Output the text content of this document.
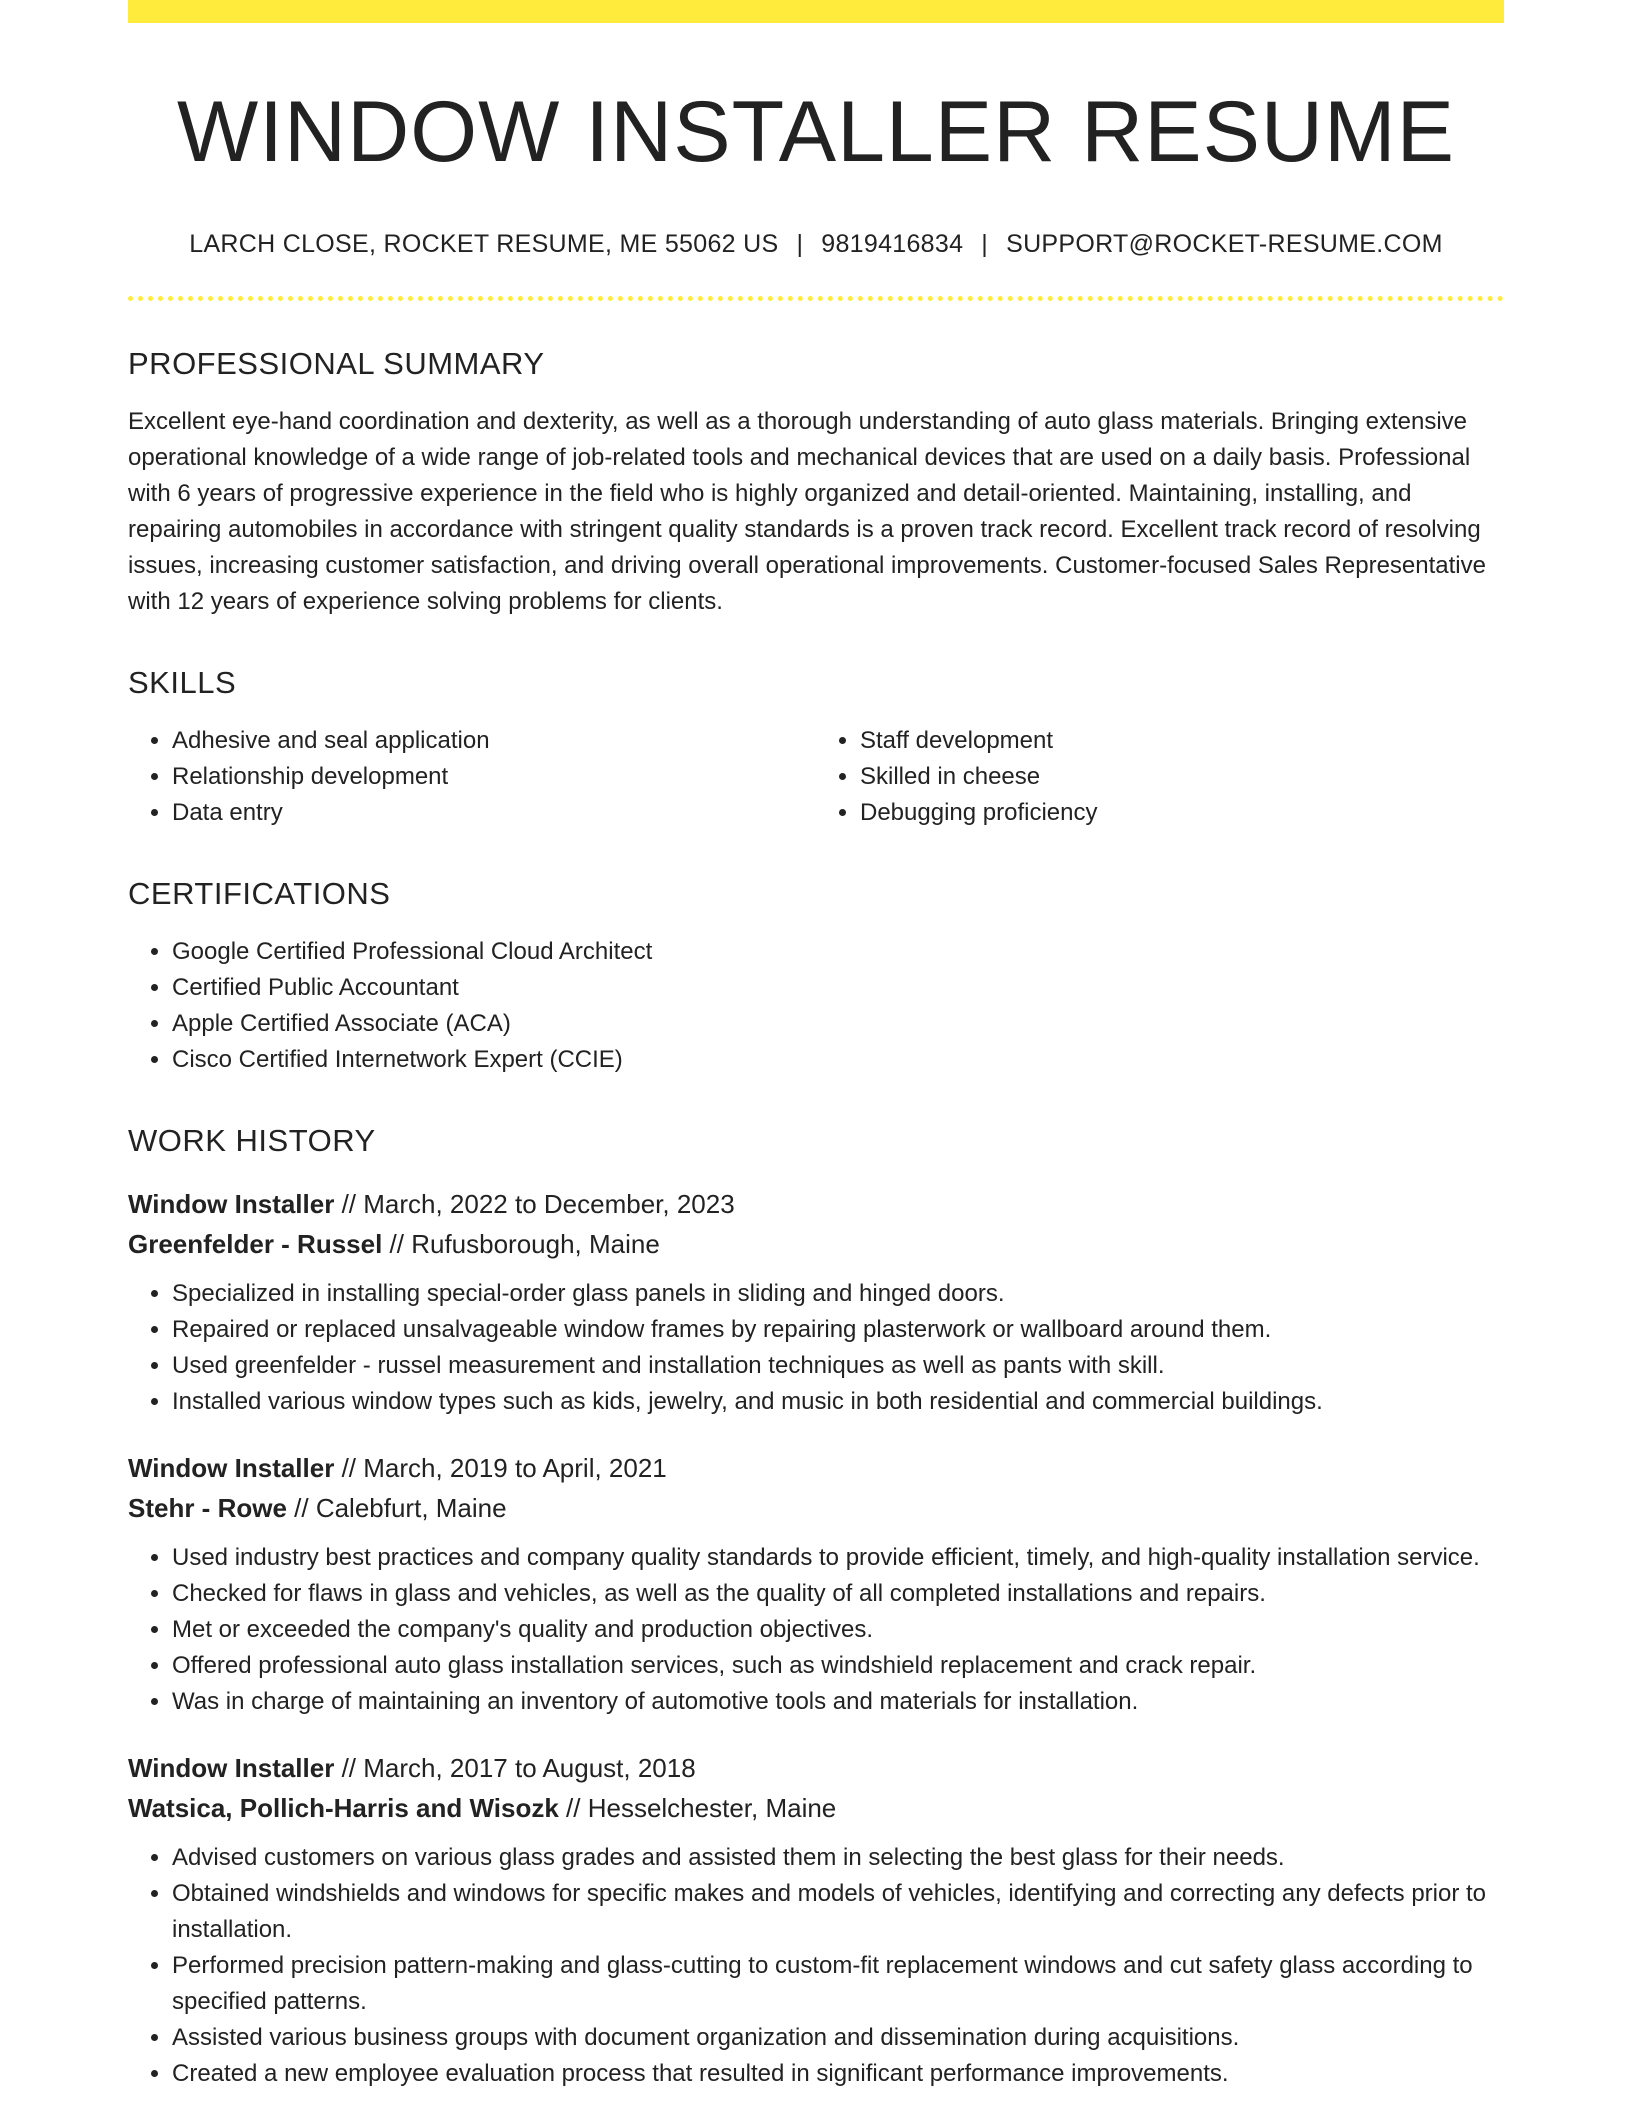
WINDOW INSTALLER RESUME
LARCH CLOSE, ROCKET RESUME, ME 55062 US | 9819416834 | SUPPORT@ROCKET-RESUME.COM
PROFESSIONAL SUMMARY
Excellent eye-hand coordination and dexterity, as well as a thorough understanding of auto glass materials. Bringing extensive operational knowledge of a wide range of job-related tools and mechanical devices that are used on a daily basis. Professional with 6 years of progressive experience in the field who is highly organized and detail-oriented. Maintaining, installing, and repairing automobiles in accordance with stringent quality standards is a proven track record. Excellent track record of resolving issues, increasing customer satisfaction, and driving overall operational improvements. Customer-focused Sales Representative with 12 years of experience solving problems for clients.
SKILLS
• Adhesive and seal application
• Relationship development
• Data entry
• Staff development
• Skilled in cheese
• Debugging proficiency
CERTIFICATIONS
• Google Certified Professional Cloud Architect
• Certified Public Accountant
• Apple Certified Associate (ACA)
• Cisco Certified Internetwork Expert (CCIE)
WORK HISTORY
Window Installer // March, 2022 to December, 2023
Greenfelder - Russel // Rufusborough, Maine
• Specialized in installing special-order glass panels in sliding and hinged doors.
• Repaired or replaced unsalvageable window frames by repairing plasterwork or wallboard around them.
• Used greenfelder - russel measurement and installation techniques as well as pants with skill.
• Installed various window types such as kids, jewelry, and music in both residential and commercial buildings.
Window Installer // March, 2019 to April, 2021
Stehr - Rowe // Calebfurt, Maine
• Used industry best practices and company quality standards to provide efficient, timely, and high-quality installation service.
• Checked for flaws in glass and vehicles, as well as the quality of all completed installations and repairs.
• Met or exceeded the company's quality and production objectives.
• Offered professional auto glass installation services, such as windshield replacement and crack repair.
• Was in charge of maintaining an inventory of automotive tools and materials for installation.
Window Installer // March, 2017 to August, 2018
Watsica, Pollich-Harris and Wisozk // Hesselchester, Maine
• Advised customers on various glass grades and assisted them in selecting the best glass for their needs.
• Obtained windshields and windows for specific makes and models of vehicles, identifying and correcting any defects prior to installation.
• Performed precision pattern-making and glass-cutting to custom-fit replacement windows and cut safety glass according to specified patterns.
• Assisted various business groups with document organization and dissemination during acquisitions.
• Created a new employee evaluation process that resulted in significant performance improvements.
